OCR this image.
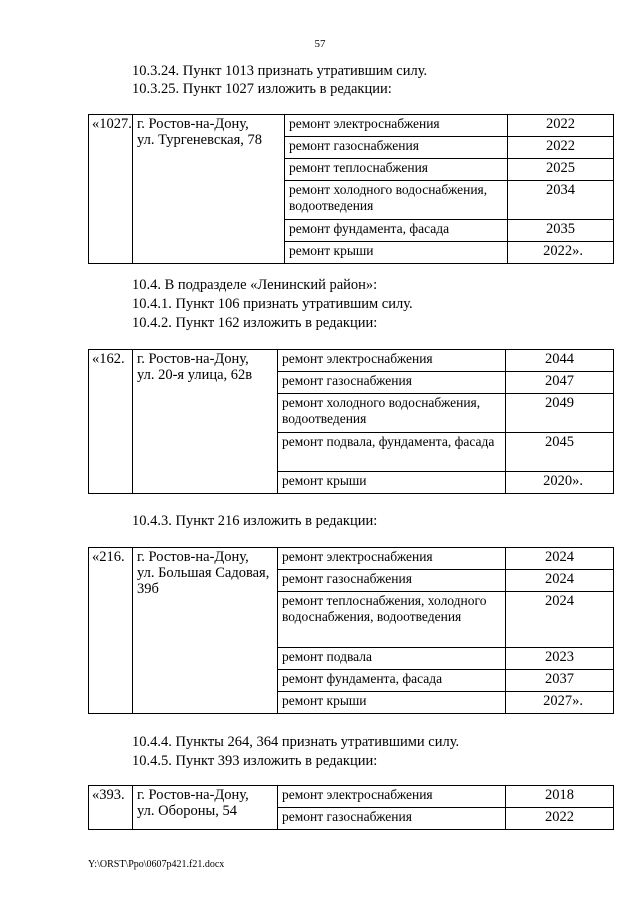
57
10.3.24. Пункт 1013 признать утратившим силу.
10.3.25. Пункт 1027 изложить в редакции:
«1027.	г. Ростов-на-Дону,
ул. Тургеневская, 78	ремонт электроснабжения	2022
		ремонт газоснабжения	2022
		ремонт теплоснабжения	2025
		ремонт холодного водоснабжения, водоотведения	2034
		ремонт фундамента, фасада	2035
		ремонт крыши	2022».
10.4. В подразделе «Ленинский район»:
10.4.1. Пункт 106 признать утратившим силу.
10.4.2. Пункт 162 изложить в редакции:
«162.	г. Ростов-на-Дону,
ул. 20-я улица, 62в	ремонт электроснабжения	2044
		ремонт газоснабжения	2047
		ремонт холодного водоснабжения, водоотведения	2049
		ремонт подвала, фундамента, фасада	2045
		ремонт крыши	2020».
10.4.3. Пункт 216 изложить в редакции:
«216.	г. Ростов-на-Дону,
ул. Большая Садовая,
39б	ремонт электроснабжения	2024
		ремонт газоснабжения	2024
		ремонт теплоснабжения, холодного водоснабжения, водоотведения	2024
		ремонт подвала	2023
		ремонт фундамента, фасада	2037
		ремонт крыши	2027».
10.4.4. Пункты 264, 364 признать утратившими силу.
10.4.5. Пункт 393 изложить в редакции:
«393.	г. Ростов-на-Дону,
ул. Обороны, 54	ремонт электроснабжения	2018
		ремонт газоснабжения	2022
Y:\ORST\Ppo\0607p421.f21.docx
